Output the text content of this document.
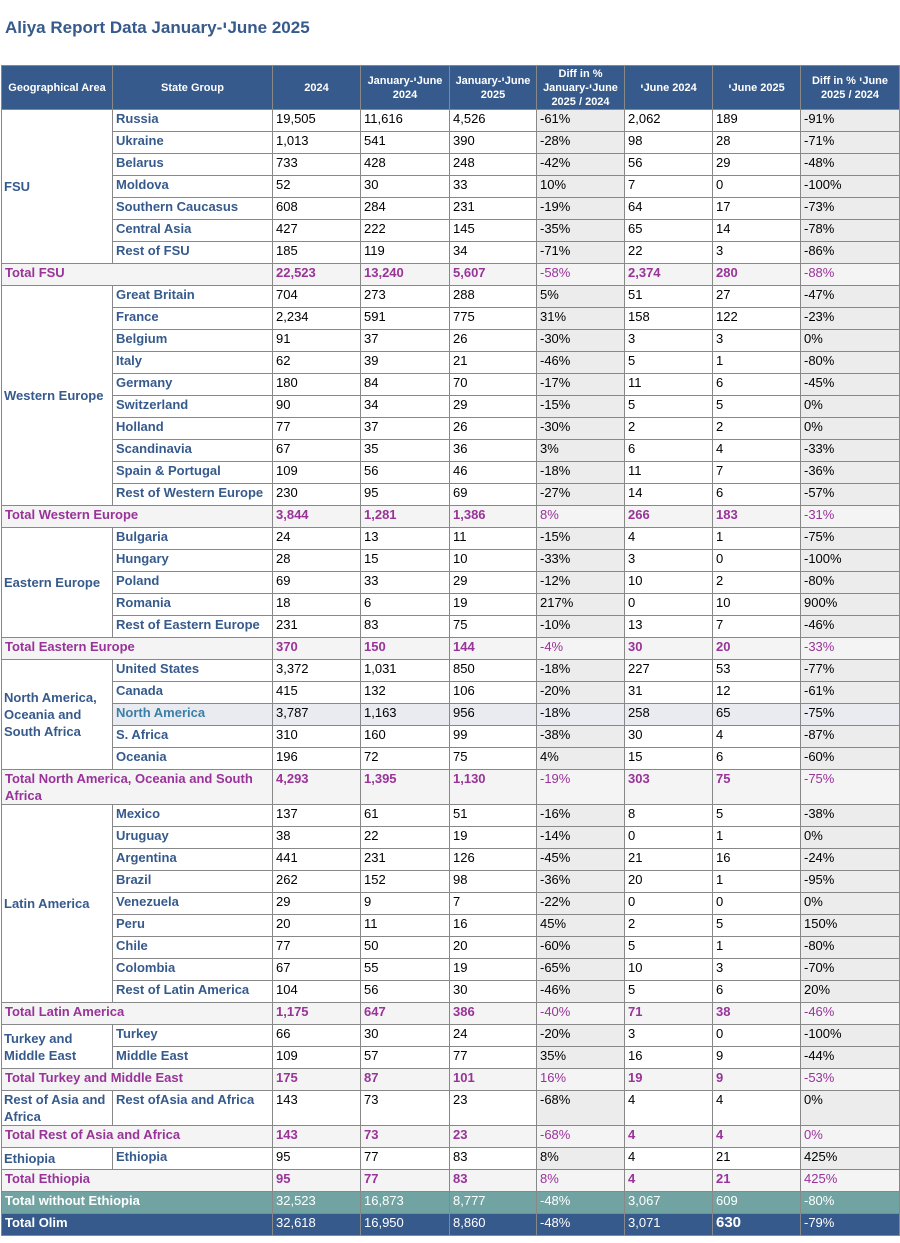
Aliya Report Data January-יJune 2025
Geographical Area	State Group	2024	January-יJune 2024	January-יJune 2025	Diff in % January-יJune 2025 / 2024	יJune 2024	יJune 2025	Diff in % יJune 2025 / 2024
FSU	Russia	19,505	11,616	4,526	-61%	2,062	189	-91%
	Ukraine	1,013	541	390	-28%	98	28	-71%
	Belarus	733	428	248	-42%	56	29	-48%
	Moldova	52	30	33	10%	7	0	-100%
	Southern Caucasus	608	284	231	-19%	64	17	-73%
	Central Asia	427	222	145	-35%	65	14	-78%
	Rest of FSU	185	119	34	-71%	22	3	-86%
Total FSU		22,523	13,240	5,607	-58%	2,374	280	-88%
Western Europe	Great Britain	704	273	288	5%	51	27	-47%
	France	2,234	591	775	31%	158	122	-23%
	Belgium	91	37	26	-30%	3	3	0%
	Italy	62	39	21	-46%	5	1	-80%
	Germany	180	84	70	-17%	11	6	-45%
	Switzerland	90	34	29	-15%	5	5	0%
	Holland	77	37	26	-30%	2	2	0%
	Scandinavia	67	35	36	3%	6	4	-33%
	Spain & Portugal	109	56	46	-18%	11	7	-36%
	Rest of Western Europe	230	95	69	-27%	14	6	-57%
Total Western Europe		3,844	1,281	1,386	8%	266	183	-31%
Eastern Europe	Bulgaria	24	13	11	-15%	4	1	-75%
	Hungary	28	15	10	-33%	3	0	-100%
	Poland	69	33	29	-12%	10	2	-80%
	Romania	18	6	19	217%	0	10	900%
	Rest of Eastern Europe	231	83	75	-10%	13	7	-46%
Total Eastern Europe		370	150	144	-4%	30	20	-33%
North America, Oceania and South Africa	United States	3,372	1,031	850	-18%	227	53	-77%
	Canada	415	132	106	-20%	31	12	-61%
	North America	3,787	1,163	956	-18%	258	65	-75%
	S. Africa	310	160	99	-38%	30	4	-87%
	Oceania	196	72	75	4%	15	6	-60%
Total North America, Oceania and South Africa		4,293	1,395	1,130	-19%	303	75	-75%
Latin America	Mexico	137	61	51	-16%	8	5	-38%
	Uruguay	38	22	19	-14%	0	1	0%
	Argentina	441	231	126	-45%	21	16	-24%
	Brazil	262	152	98	-36%	20	1	-95%
	Venezuela	29	9	7	-22%	0	0	0%
	Peru	20	11	16	45%	2	5	150%
	Chile	77	50	20	-60%	5	1	-80%
	Colombia	67	55	19	-65%	10	3	-70%
	Rest of Latin America	104	56	30	-46%	5	6	20%
Total Latin America		1,175	647	386	-40%	71	38	-46%
Turkey and Middle East	Turkey	66	30	24	-20%	3	0	-100%
	Middle East	109	57	77	35%	16	9	-44%
Total Turkey and Middle East		175	87	101	16%	19	9	-53%
Rest of Asia and Africa	Rest ofAsia and Africa	143	73	23	-68%	4	4	0%
Total Rest of Asia and Africa		143	73	23	-68%	4	4	0%
Ethiopia	Ethiopia	95	77	83	8%	4	21	425%
Total Ethiopia		95	77	83	8%	4	21	425%
Total without Ethiopia		32,523	16,873	8,777	-48%	3,067	609	-80%
Total Olim		32,618	16,950	8,860	-48%	3,071	630	-79%
